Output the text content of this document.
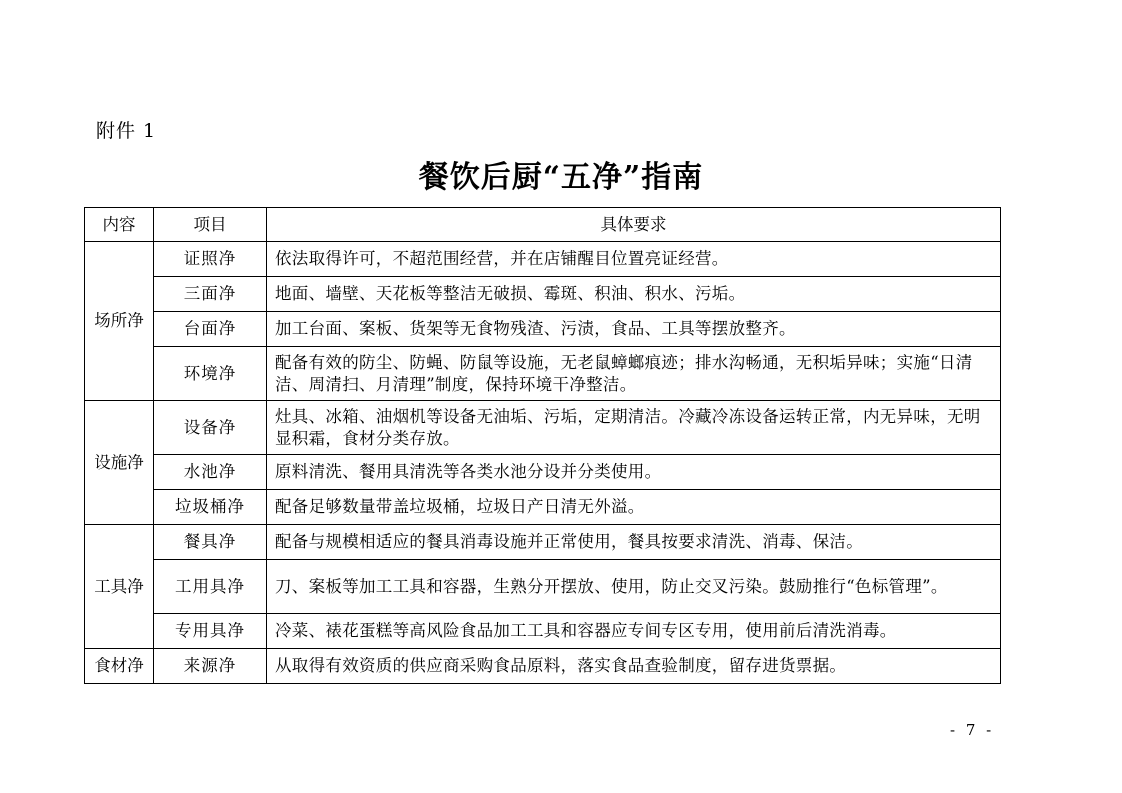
附件 1
餐饮后厨“五净”指南
内容	项目	具体要求
场所净	证照净	依法取得许可，不超范围经营，并在店铺醒目位置亮证经营。
	三面净	地面、墙壁、天花板等整洁无破损、霉斑、积油、积水、污垢。
	台面净	加工台面、案板、货架等无食物残渣、污渍，食品、工具等摆放整齐。
	环境净	配备有效的防尘、防蝇、防鼠等设施，无老鼠蟑螂痕迹；排水沟畅通，无积垢异味；实施“日清洁、周清扫、月清理”制度，保持环境干净整洁。
设施净	设备净	灶具、冰箱、油烟机等设备无油垢、污垢，定期清洁。冷藏冷冻设备运转正常，内无异味，无明显积霜，食材分类存放。
	水池净	原料清洗、餐用具清洗等各类水池分设并分类使用。
	垃圾桶净	配备足够数量带盖垃圾桶，垃圾日产日清无外溢。
工具净	餐具净	配备与规模相适应的餐具消毒设施并正常使用，餐具按要求清洗、消毒、保洁。
	工用具净	刀、案板等加工工具和容器，生熟分开摆放、使用，防止交叉污染。鼓励推行“色标管理”。
	专用具净	冷菜、裱花蛋糕等高风险食品加工工具和容器应专间专区专用，使用前后清洗消毒。
食材净	来源净	从取得有效资质的供应商采购食品原料，落实食品查验制度，留存进货票据。
- 7 -
